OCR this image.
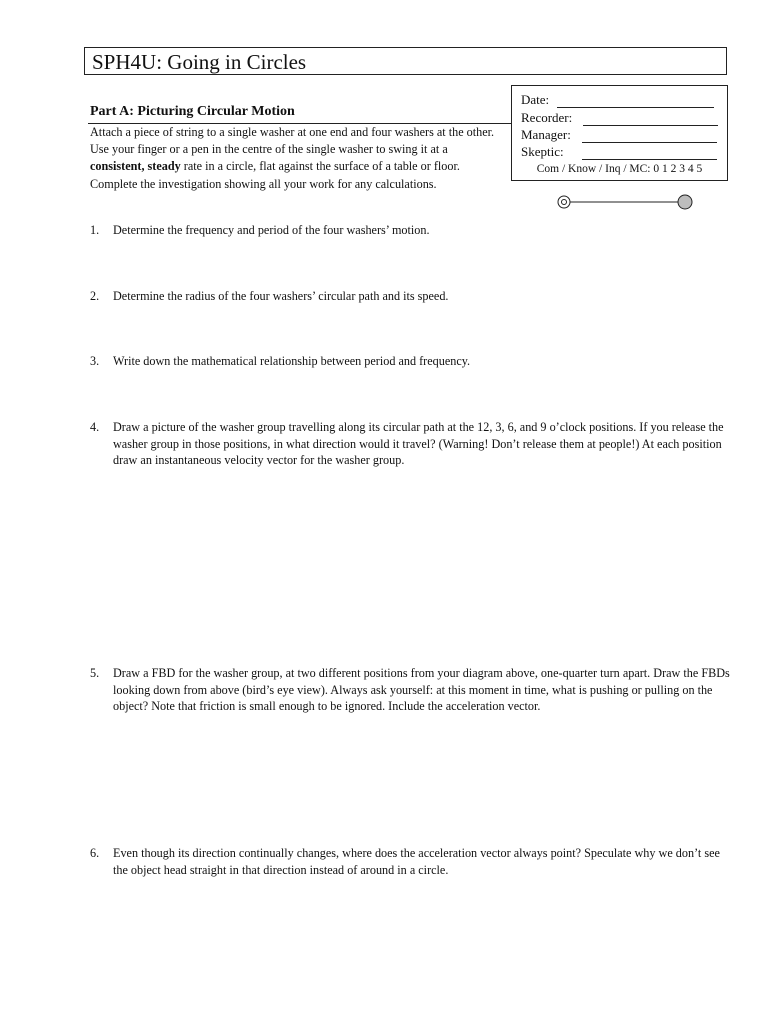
SPH4U: Going in Circles
Date:
Recorder:
Manager:
Skeptic:
Com / Know / Inq / MC: 0 1 2 3 4 5
Part A: Picturing Circular Motion
Attach a piece of string to a single washer at one end and four washers at the other. Use your finger or a pen in the centre of the single washer to swing it at a consistent, steady rate in a circle, flat against the surface of a table or floor. Complete the investigation showing all your work for any calculations.
1. Determine the frequency and period of the four washers’ motion.
2. Determine the radius of the four washers’ circular path and its speed.
3. Write down the mathematical relationship between period and frequency.
4. Draw a picture of the washer group travelling along its circular path at the 12, 3, 6, and 9 o’clock positions. If you release the washer group in those positions, in what direction would it travel? (Warning! Don’t release them at people!) At each position draw an instantaneous velocity vector for the washer group.
5. Draw a FBD for the washer group, at two different positions from your diagram above, one-quarter turn apart. Draw the FBDs looking down from above (bird’s eye view). Always ask yourself: at this moment in time, what is pushing or pulling on the object? Note that friction is small enough to be ignored. Include the acceleration vector.
6. Even though its direction continually changes, where does the acceleration vector always point? Speculate why we don’t see the object head straight in that direction instead of around in a circle.
